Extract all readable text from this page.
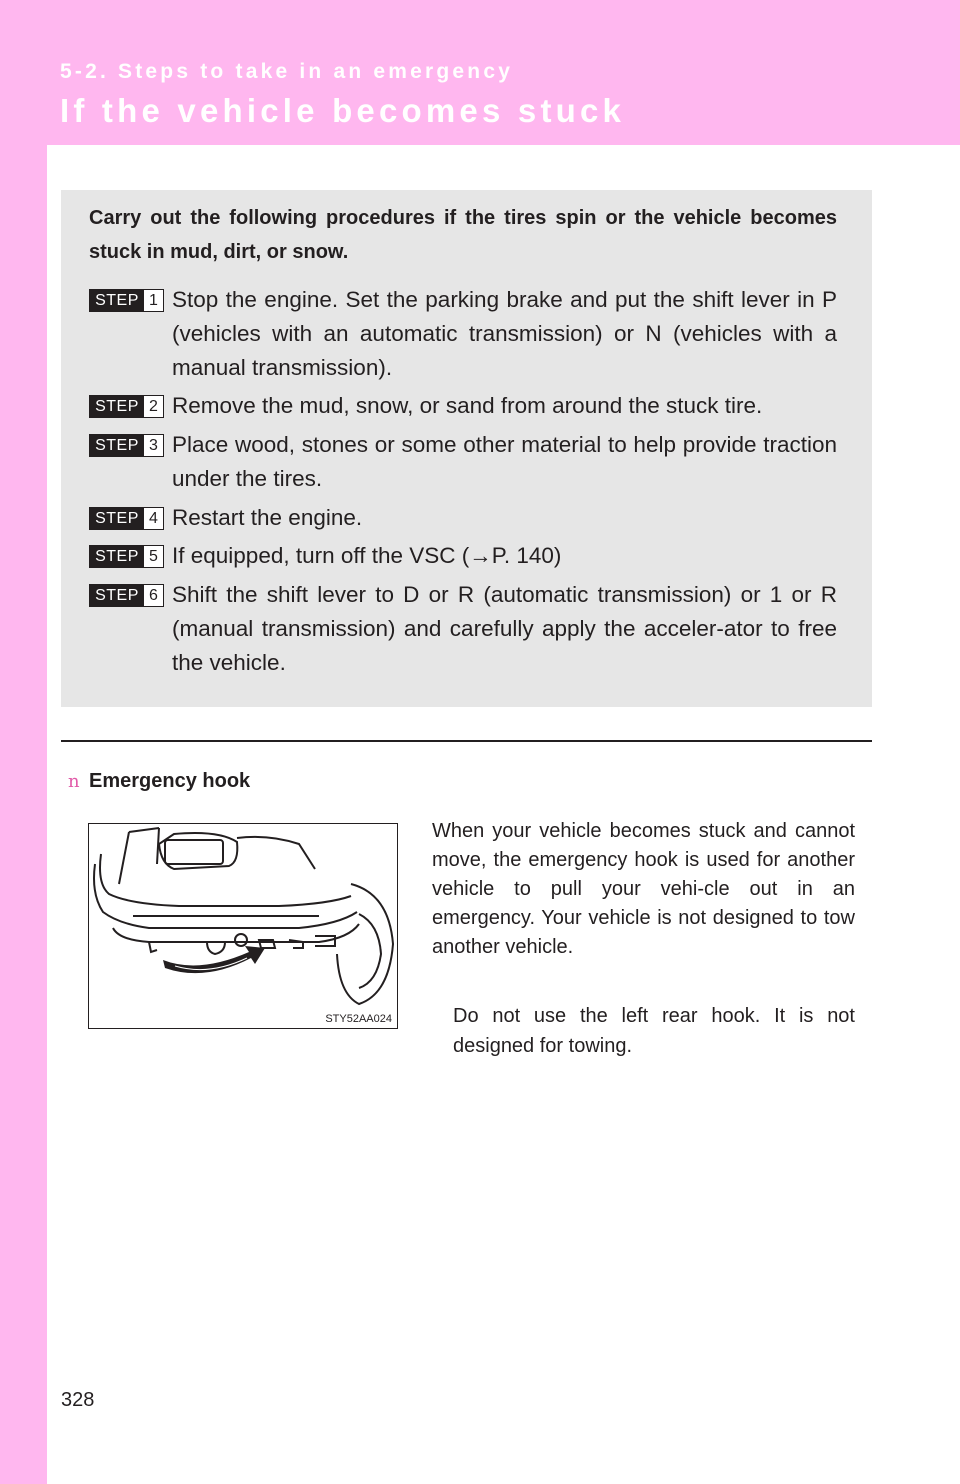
5-2. Steps to take in an emergency
If the vehicle becomes stuck
Carry out the following procedures if the tires spin or the vehicle becomes stuck in mud, dirt, or snow.
STEP 1 Stop the engine. Set the parking brake and put the shift lever in P (vehicles with an automatic transmission) or N (vehicles with a manual transmission).
STEP 2 Remove the mud, snow, or sand from around the stuck tire.
STEP 3 Place wood, stones or some other material to help provide traction under the tires.
STEP 4 Restart the engine.
STEP 5 If equipped, turn off the VSC (→P. 140)
STEP 6 Shift the shift lever to D or R (automatic transmission) or 1 or R (manual transmission) and carefully apply the acceler-ator to free the vehicle.
n Emergency hook
STY52AA024
When your vehicle becomes stuck and cannot move, the emergency hook is used for another vehicle to pull your vehi-cle out in an emergency. Your vehicle is not designed to tow another vehicle.
Do not use the left rear hook. It is not designed for towing.
328
